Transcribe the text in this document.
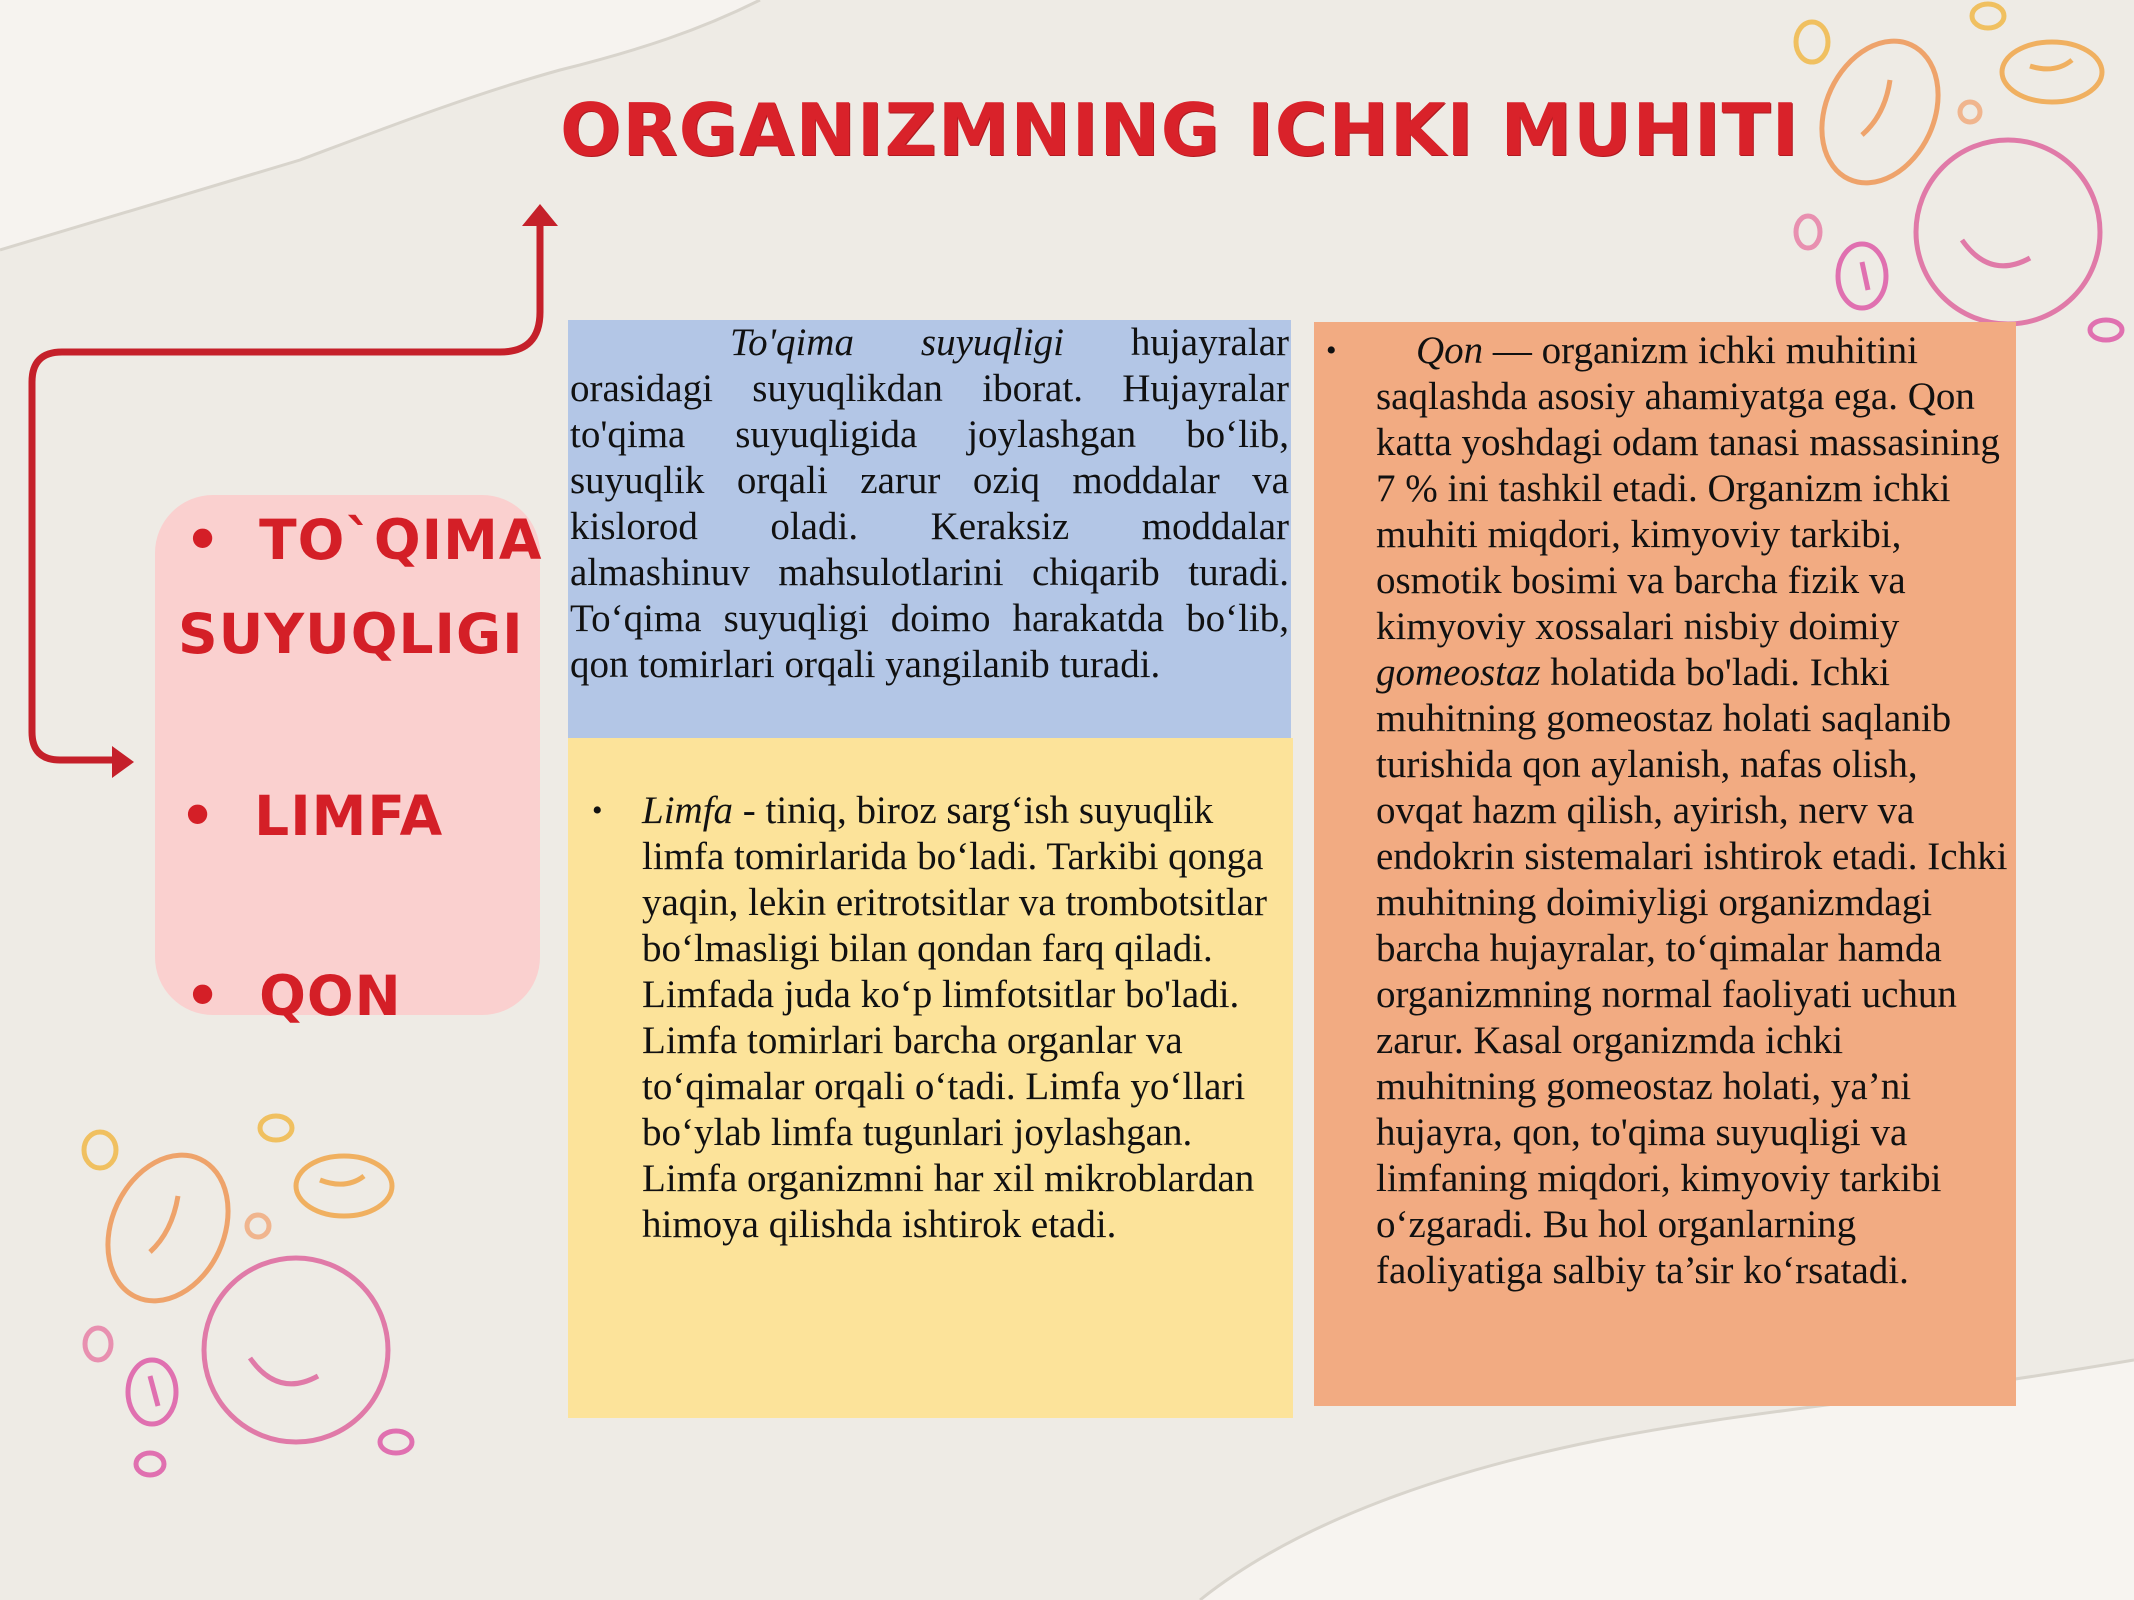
ORGANIZMNING ICHKI MUHITI
• TO`QIMA
SUYUQLIGI
• LIMFA
• QON
To'qima suyuqligi hujayralar orasidagi suyuqlikdan iborat. Hujayralar to'qima suyuqligida joylashgan bo‘lib, suyuqlik orqali zarur oziq moddalar va kislorod oladi. Keraksiz moddalar almashinuv mahsulotlarini chiqarib turadi. To‘qima suyuqligi doimo harakatda bo‘lib, qon tomirlari orqali yangilanib turadi.
•	Limfa - tiniq, biroz sarg‘ish suyuqlik limfa tomirlarida bo‘ladi. Tarkibi qonga yaqin, lekin eritrotsitlar va trombotsitlar bo‘lmasligi bilan qondan farq qiladi. Limfada juda ko‘p limfotsitlar bo'ladi. Limfa tomirlari barcha organlar va to‘qimalar orqali o‘tadi. Limfa yo‘llari bo‘ylab limfa tugunlari joylashgan. Limfa organizmni har xil mikroblardan himoya qilishda ishtirok etadi.
•	Qon — organizm ichki muhitini saqlashda asosiy ahamiyatga ega. Qon katta yoshdagi odam tanasi massasining 7 % ini tashkil etadi. Organizm ichki muhiti miqdori, kimyoviy tarkibi, osmotik bosimi va barcha fizik va kimyoviy xossalari nisbiy doimiy gomeostaz holatida bo'ladi. Ichki muhitning gomeostaz holati saqlanib turishida qon aylanish, nafas olish, ovqat hazm qilish, ayirish, nerv va endokrin sistemalari ishtirok etadi. Ichki muhitning doimiyligi organizmdagi barcha hujayralar, to‘qimalar hamda organizmning normal faoliyati uchun zarur. Kasal organizmda ichki muhitning gomeostaz holati, ya’ni hujayra, qon, to'qima suyuqligi va limfaning miqdori, kimyoviy tarkibi o‘zgaradi. Bu hol organlarning faoliyatiga salbiy ta’sir ko‘rsatadi.
